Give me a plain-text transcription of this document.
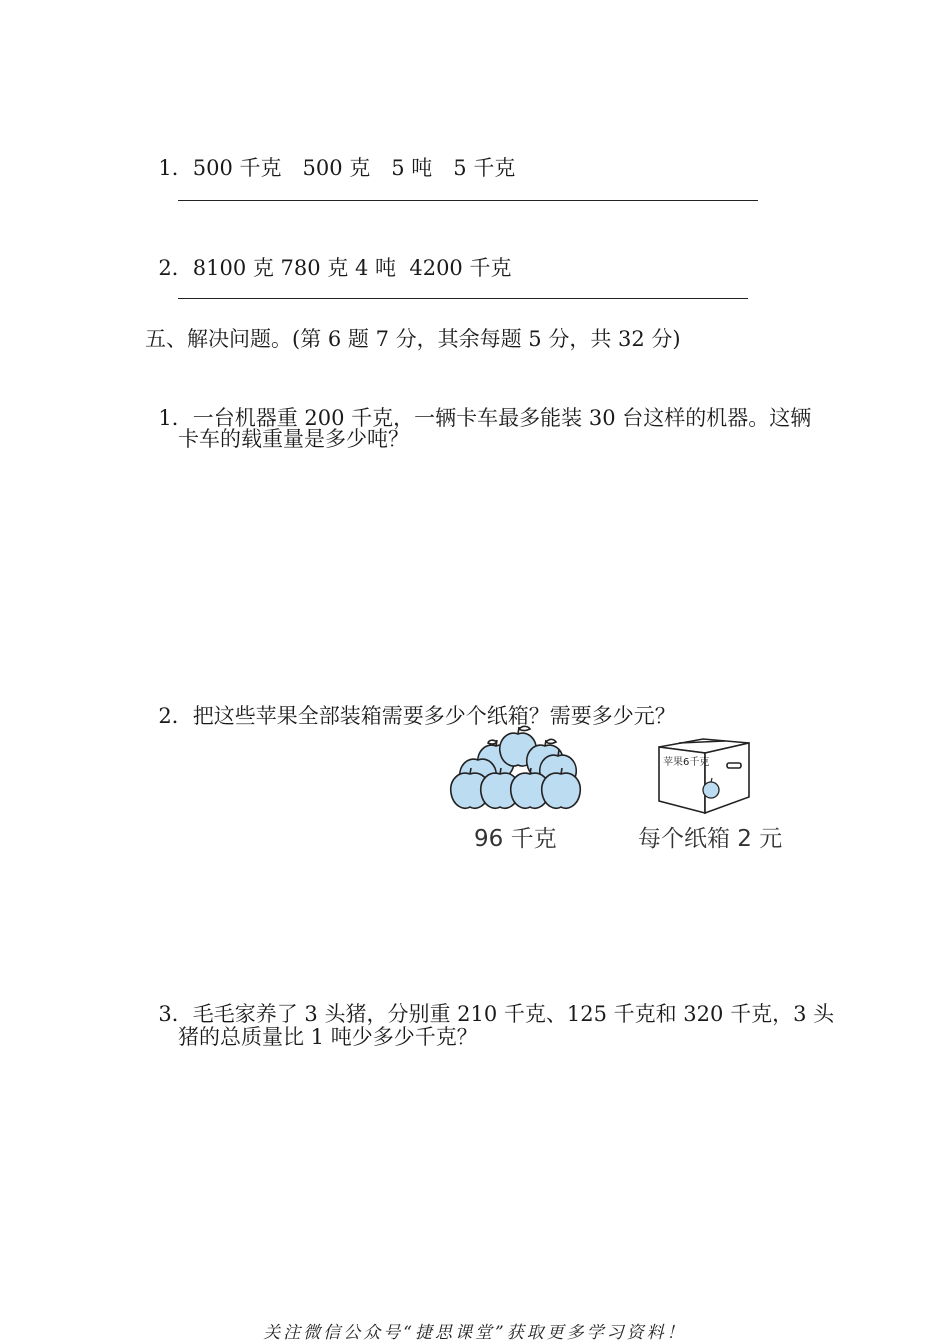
1．500 千克　500 克　5 吨　5 千克

2．8100 克 780 克 4 吨  4200 千克

五、解决问题。(第 6 题 7 分，其余每题 5 分，共 32 分)

1．一台机器重 200 千克，一辆卡车最多能装 30 台这样的机器。这辆

卡车的载重量是多少吨？

2．把这些苹果全部装箱需要多少个纸箱？需要多少元？

96 千克
苹果6千克
每个纸箱 2 元

3．毛毛家养了 3 头猪，分别重 210 千克、125 千克和 320 千克，3 头

猪的总质量比 1 吨少多少千克？
关注微信公众号“捷思课堂”获取更多学习资料！
